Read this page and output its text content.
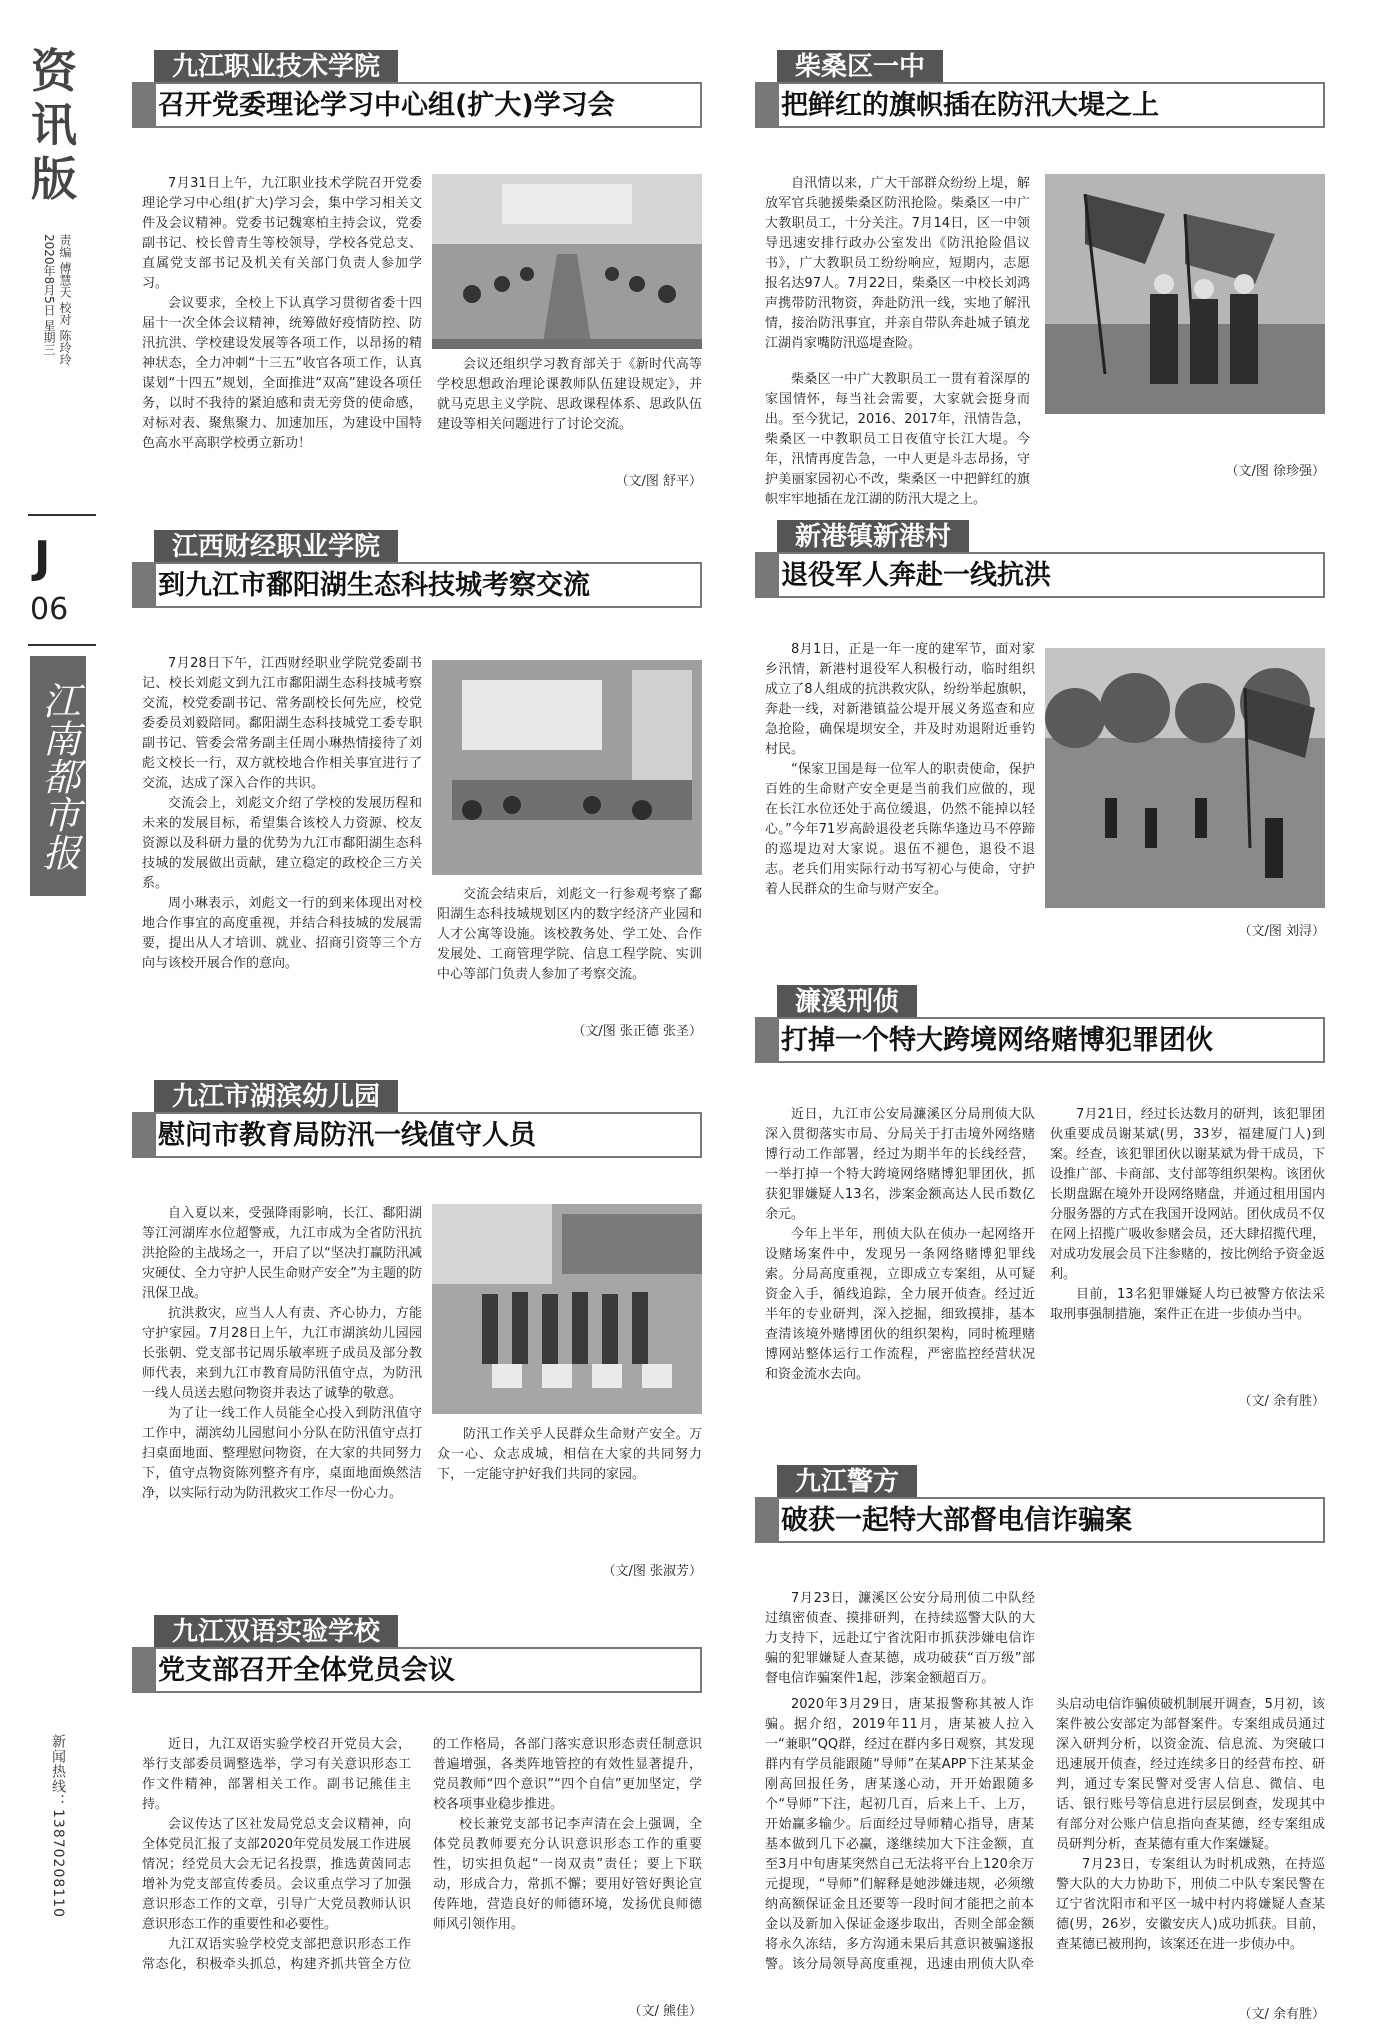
资讯版
责编 傅慧天 校对 陈玲玲
2020年8月5日 星期三
J
06
江南都市报
新闻热线：13870208110
九江职业技术学院
召开党委理论学习中心组(扩大)学习会

7月31日上午，九江职业技术学院召开党委理论学习中心组(扩大)学习会，集中学习相关文件及会议精神。党委书记魏寒柏主持会议，党委副书记、校长曾青生等校领导，学校各党总支、直属党支部书记及机关有关部门负责人参加学习。

会议要求，全校上下认真学习贯彻省委十四届十一次全体会议精神，统筹做好疫情防控、防汛抗洪、学校建设发展等各项工作，以昂扬的精神状态，全力冲刺“十三五”收官各项工作，认真谋划“十四五”规划，全面推进“双高”建设各项任务，以时不我待的紧迫感和责无旁贷的使命感，对标对表、聚焦聚力、加速加压，为建设中国特色高水平高职学校勇立新功！

会议还组织学习教育部关于《新时代高等学校思想政治理论课教师队伍建设规定》，并就马克思主义学院、思政课程体系、思政队伍建设等相关问题进行了讨论交流。

（文/图 舒平）
柴桑区一中
把鲜红的旗帜插在防汛大堤之上

自汛情以来，广大干部群众纷纷上堤，解放军官兵驰援柴桑区防汛抢险。柴桑区一中广大教职员工，十分关注。7月14日，区一中领导迅速安排行政办公室发出《防汛抢险倡议书》，广大教职员工纷纷响应，短期内，志愿报名达97人。7月22日，柴桑区一中校长刘鸿声携带防汛物资，奔赴防汛一线，实地了解汛情，接治防汛事宜，并亲自带队奔赴城子镇龙江湖肖家嘴防汛巡堤查险。

柴桑区一中广大教职员工一贯有着深厚的家国情怀，每当社会需要，大家就会挺身而出。至今犹记，2016、2017年，汛情告急，柴桑区一中教职员工日夜值守长江大堤。今年，汛情再度告急，一中人更是斗志昂扬，守护美丽家园初心不改，柴桑区一中把鲜红的旗帜牢牢地插在龙江湖的防汛大堤之上。

（文/图 徐珍强）
江西财经职业学院
到九江市鄱阳湖生态科技城考察交流

7月28日下午，江西财经职业学院党委副书记、校长刘彪文到九江市鄱阳湖生态科技城考察交流，校党委副书记、常务副校长何先应，校党委委员刘毅陪同。鄱阳湖生态科技城党工委专职副书记、管委会常务副主任周小琳热情接待了刘彪文校长一行，双方就校地合作相关事宜进行了交流，达成了深入合作的共识。

交流会上，刘彪文介绍了学校的发展历程和未来的发展目标，希望集合该校人力资源、校友资源以及科研力量的优势为九江市鄱阳湖生态科技城的发展做出贡献，建立稳定的政校企三方关系。

周小琳表示，刘彪文一行的到来体现出对校地合作事宜的高度重视，并结合科技城的发展需要，提出从人才培训、就业、招商引资等三个方向与该校开展合作的意向。

交流会结束后，刘彪文一行参观考察了鄱阳湖生态科技城规划区内的数字经济产业园和人才公寓等设施。该校教务处、学工处、合作发展处、工商管理学院、信息工程学院、实训中心等部门负责人参加了考察交流。

（文/图 张正德 张圣）
新港镇新港村
退役军人奔赴一线抗洪

8月1日，正是一年一度的建军节，面对家乡汛情，新港村退役军人积极行动，临时组织成立了8人组成的抗洪救灾队，纷纷举起旗帜，奔赴一线，对新港镇益公堤开展义务巡查和应急抢险，确保堤坝安全，并及时劝退附近垂钓村民。

“保家卫国是每一位军人的职责使命，保护百姓的生命财产安全更是当前我们应做的，现在长江水位还处于高位缓退，仍然不能掉以轻心。”今年71岁高龄退役老兵陈华逢边马不停蹄的巡堤边对大家说。退伍不褪色，退役不退志。老兵们用实际行动书写初心与使命，守护着人民群众的生命与财产安全。

（文/图 刘浔）
濂溪刑侦
打掉一个特大跨境网络赌博犯罪团伙

近日，九江市公安局濂溪区分局刑侦大队深入贯彻落实市局、分局关于打击境外网络赌博行动工作部署，经过为期半年的长线经营，一举打掉一个特大跨境网络赌博犯罪团伙，抓获犯罪嫌疑人13名，涉案金额高达人民币数亿余元。

今年上半年，刑侦大队在侦办一起网络开设赌场案件中，发现另一条网络赌博犯罪线索。分局高度重视，立即成立专案组，从可疑资金入手，循线追踪，全力展开侦查。经过近半年的专业研判，深入挖掘，细致摸排，基本查清该境外赌博团伙的组织架构，同时梳理赌博网站整体运行工作流程，严密监控经营状况和资金流水去向。

7月21日，经过长达数月的研判，该犯罪团伙重要成员谢某斌(男，33岁，福建厦门人)到案。经查，该犯罪团伙以谢某斌为骨干成员，下设推广部、卡商部、支付部等组织架构。该团伙长期盘踞在境外开设网络赌盘，并通过租用国内分服务器的方式在我国开设网站。团伙成员不仅在网上招揽广吸收参赌会员，还大肆招揽代理，对成功发展会员下注参赌的，按比例给予资金返利。

目前，13名犯罪嫌疑人均已被警方依法采取刑事强制措施，案件正在进一步侦办当中。

（文/ 余有胜）
九江市湖滨幼儿园
慰问市教育局防汛一线值守人员

自入夏以来，受强降雨影响，长江、鄱阳湖等江河湖库水位超警戒，九江市成为全省防汛抗洪抢险的主战场之一，开启了以“坚决打赢防汛减灾硬仗、全力守护人民生命财产安全”为主题的防汛保卫战。

抗洪救灾，应当人人有责、齐心协力，方能守护家园。7月28日上午，九江市湖滨幼儿园园长张朝、党支部书记周乐敏率班子成员及部分教师代表，来到九江市教育局防汛值守点，为防汛一线人员送去慰问物资并表达了诚挚的敬意。

为了让一线工作人员能全心投入到防汛值守工作中，湖滨幼儿园慰问小分队在防汛值守点打扫桌面地面、整理慰问物资，在大家的共同努力下，值守点物资陈列整齐有序，桌面地面焕然洁净，以实际行动为防汛救灾工作尽一份心力。

防汛工作关乎人民群众生命财产安全。万众一心、众志成城，相信在大家的共同努力下，一定能守护好我们共同的家园。

（文/图 张淑芳）
九江警方
破获一起特大部督电信诈骗案

7月23日，濂溪区公安分局刑侦二中队经过缜密侦查、摸排研判，在持续巡警大队的大力支持下，远赴辽宁省沈阳市抓获涉嫌电信诈骗的犯罪嫌疑人查某德，成功破获“百万级”部督电信诈骗案件1起，涉案金额超百万。

2020年3月29日，唐某报警称其被人诈骗。据介绍，2019年11月，唐某被人拉入一“兼职”QQ群，经过在群内多日观察，其发现群内有学员能跟随“导师”在某APP下注某某金刚高回报任务，唐某遂心动，开开始跟随多个“导师”下注，起初几百，后来上千、上万，开始赢多输少。后面经过导师精心指导，唐某基本做到几下必赢，遂继续加大下注金额，直至3月中旬唐某突然自己无法将平台上120余万元提现，“导师”们解释是她涉嫌违规，必须缴纳高额保证金且还要等一段时间才能把之前本金以及新加入保证金逐步取出，否则全部金额将永久冻结，多方沟通未果后其意识被骗遂报警。该分局领导高度重视，迅速由刑侦大队牵头启动电信诈骗侦破机制展开调查，5月初，该案件被公安部定为部督案件。专案组成员通过深入研判分析，以资金流、信息流、为突破口迅速展开侦查，经过连续多日的经营布控、研判，通过专案民警对受害人信息、微信、电话、银行账号等信息进行层层倒查，发现其中有部分对公账户信息指向查某德，经专案组成员研判分析，查某德有重大作案嫌疑。

7月23日，专案组认为时机成熟，在持巡警大队的大力协助下，刑侦二中队专案民警在辽宁省沈阳市和平区一城中村内将嫌疑人查某德(男，26岁，安徽安庆人)成功抓获。目前，查某德已被刑拘，该案还在进一步侦办中。

（文/ 余有胜）
九江双语实验学校
党支部召开全体党员会议

近日，九江双语实验学校召开党员大会，举行支部委员调整选举，学习有关意识形态工作文件精神，部署相关工作。副书记熊佳主持。

会议传达了区社发局党总支会议精神，向全体党员汇报了支部2020年党员发展工作进展情况；经党员大会无记名投票，推选黄茵同志增补为党支部宣传委员。会议重点学习了加强意识形态工作的文章，引导广大党员教师认识意识形态工作的重要性和必要性。

九江双语实验学校党支部把意识形态工作常态化，积极牵头抓总，构建齐抓共管全方位的工作格局，各部门落实意识形态责任制意识普遍增强，各类阵地管控的有效性显著提升，党员教师“四个意识”“四个自信”更加坚定，学校各项事业稳步推进。

校长兼党支部书记李声清在会上强调，全体党员教师要充分认识意识形态工作的重要性，切实担负起“一岗双责”责任；要上下联动，形成合力，常抓不懈；要用好管好舆论宣传阵地，营造良好的师德环境，发扬优良师德师风引领作用。

（文/ 熊佳）
